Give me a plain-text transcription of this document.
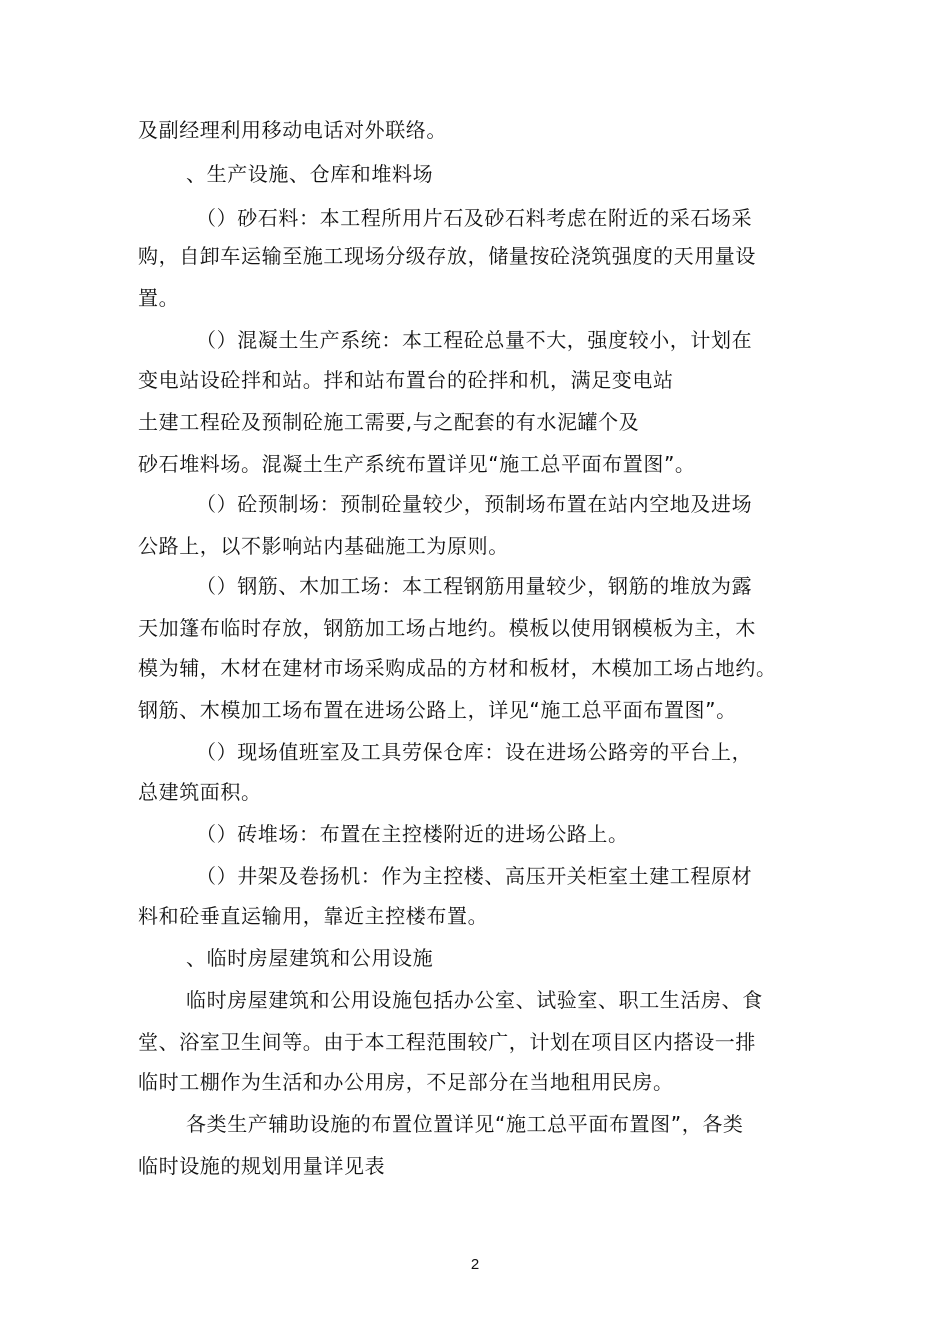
及副经理利用移动电话对外联络。
、生产设施、仓库和堆料场
（）砂石料：本工程所用片石及砂石料考虑在附近的采石场采
购，自卸车运输至施工现场分级存放，储量按砼浇筑强度的天用量设
置。
（）混凝土生产系统：本工程砼总量不大，强度较小，计划在
变电站设砼拌和站。拌和站布置台的砼拌和机，满足变电站
土建工程砼及预制砼施工需要,与之配套的有水泥罐个及
砂石堆料场。混凝土生产系统布置详见“施工总平面布置图”。
（）砼预制场：预制砼量较少，预制场布置在站内空地及进场
公路上，以不影响站内基础施工为原则。
（）钢筋、木加工场：本工程钢筋用量较少，钢筋的堆放为露
天加篷布临时存放，钢筋加工场占地约。模板以使用钢模板为主，木
模为辅，木材在建材市场采购成品的方材和板材，木模加工场占地约。
钢筋、木模加工场布置在进场公路上，详见“施工总平面布置图”。
（）现场值班室及工具劳保仓库：设在进场公路旁的平台上，
总建筑面积。
（）砖堆场：布置在主控楼附近的进场公路上。
（）井架及卷扬机：作为主控楼、高压开关柜室土建工程原材
料和砼垂直运输用，靠近主控楼布置。
、临时房屋建筑和公用设施
临时房屋建筑和公用设施包括办公室、试验室、职工生活房、食
堂、浴室卫生间等。由于本工程范围较广，计划在项目区内搭设一排
临时工棚作为生活和办公用房，不足部分在当地租用民房。
各类生产辅助设施的布置位置详见“施工总平面布置图”，各类
临时设施的规划用量详见表
2
